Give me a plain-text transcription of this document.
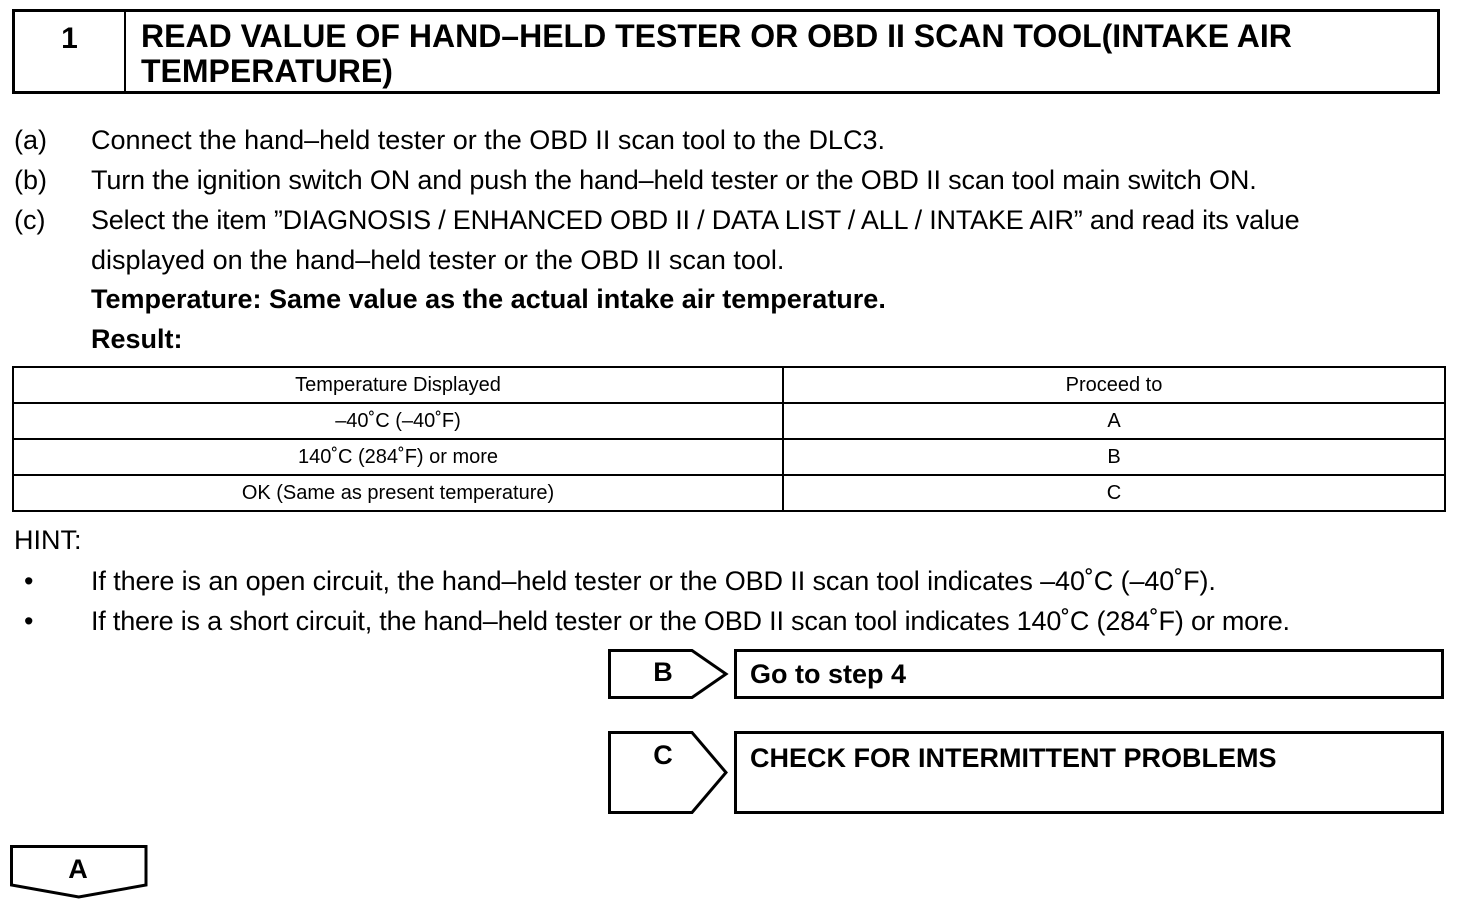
1	READ VALUE OF HAND–HELD TESTER OR OBD II SCAN TOOL(INTAKE AIR TEMPERATURE)
(a) Connect the hand–held tester or the OBD II scan tool to the DLC3.
(b) Turn the ignition switch ON and push the hand–held tester or the OBD II scan tool main switch ON.
(c) Select the item ”DIAGNOSIS / ENHANCED OBD II / DATA LIST / ALL / INTAKE AIR” and read its value
displayed on the hand–held tester or the OBD II scan tool.
Temperature: Same value as the actual intake air temperature.
Result:
Temperature Displayed	Proceed to
–40˚C (–40˚F)	A
140˚C (284˚F) or more	B
OK (Same as present temperature)	C
HINT:
• If there is an open circuit, the hand–held tester or the OBD II scan tool indicates –40˚C (–40˚F).
• If there is a short circuit, the hand–held tester or the OBD II scan tool indicates 140˚C (284˚F) or more.
B	Go to step 4
C	CHECK FOR INTERMITTENT PROBLEMS
A
